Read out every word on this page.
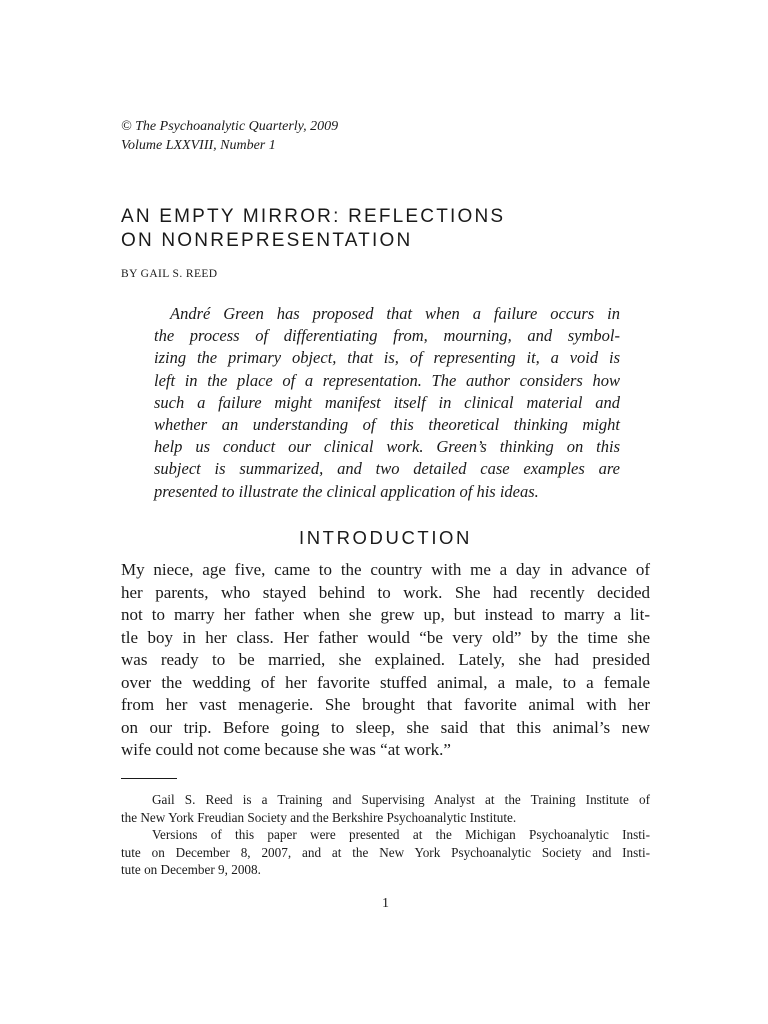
© The Psychoanalytic Quarterly, 2009
Volume LXXVIII, Number 1
AN EMPTY MIRROR: REFLECTIONS
ON NONREPRESENTATION

BY GAIL S. REED

André Green has proposed that when a failure occurs in
the process of differentiating from, mourning, and symbol-
izing the primary object, that is, of representing it, a void is
left in the place of a representation. The author considers how
such a failure might manifest itself in clinical material and
whether an understanding of this theoretical thinking might
help us conduct our clinical work. Green’s thinking on this
subject is summarized, and two detailed case examples are
presented to illustrate the clinical application of his ideas.
INTRODUCTION
My niece, age five, came to the country with me a day in advance of
her parents, who stayed behind to work. She had recently decided
not to marry her father when she grew up, but instead to marry a lit-
tle boy in her class. Her father would “be very old” by the time she
was ready to be married, she explained. Lately, she had presided
over the wedding of her favorite stuffed animal, a male, to a female
from her vast menagerie. She brought that favorite animal with her
on our trip. Before going to sleep, she said that this animal’s new
wife could not come because she was “at work.”
Gail S. Reed is a Training and Supervising Analyst at the Training Institute of
the New York Freudian Society and the Berkshire Psychoanalytic Institute.
Versions of this paper were presented at the Michigan Psychoanalytic Insti-
tute on December 8, 2007, and at the New York Psychoanalytic Society and Insti-
tute on December 9, 2008.
1
